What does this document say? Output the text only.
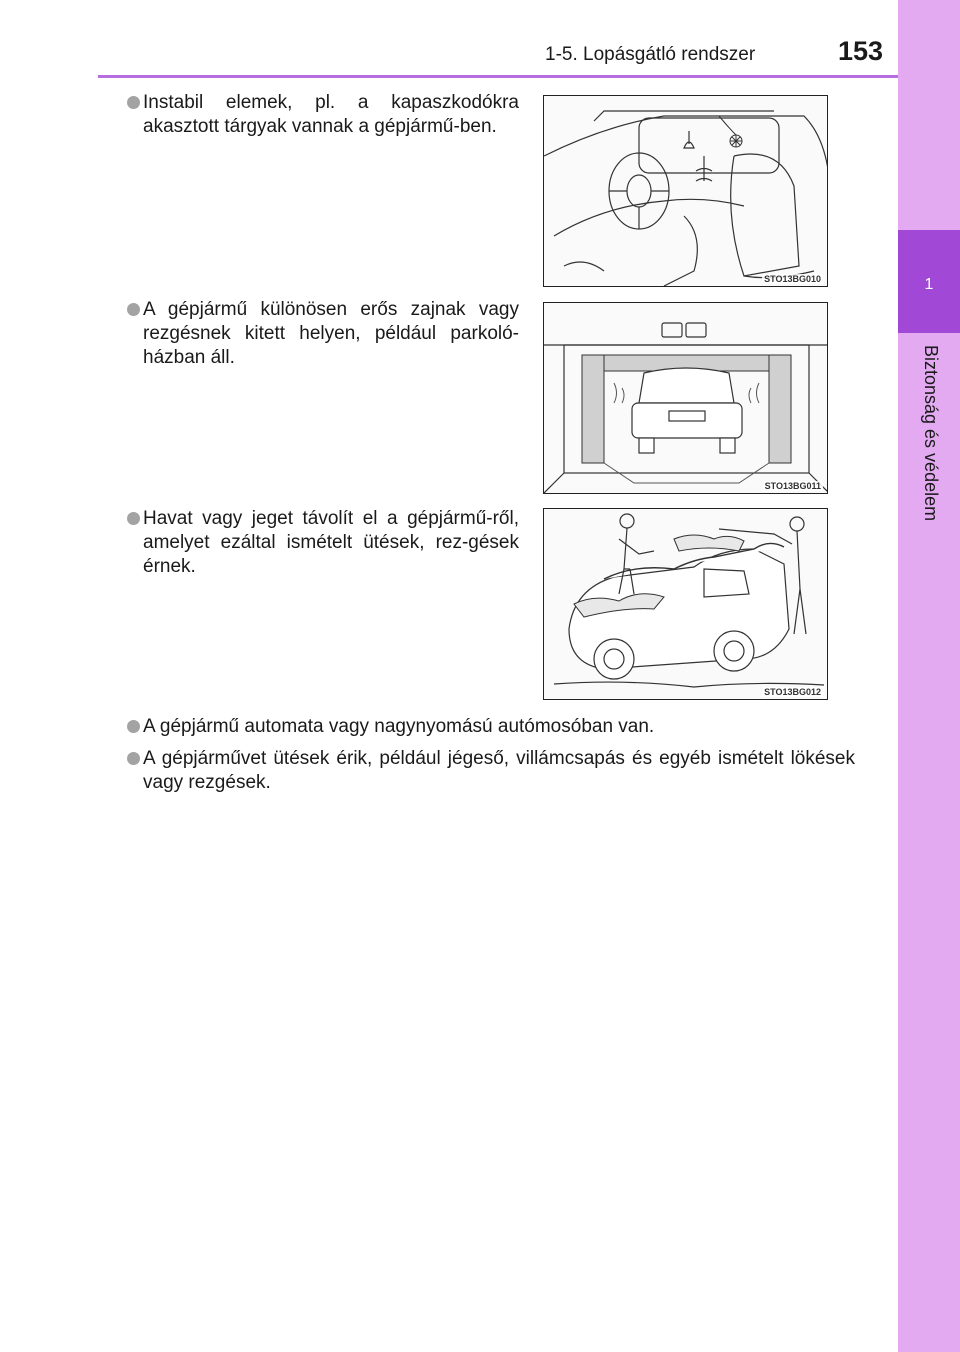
1-5. Lopásgátló rendszer	153
1
Biztonság és védelem
Instabil elemek, pl. a kapaszkodókra akasztott tárgyak vannak a gépjármű-ben.
A gépjármű különösen erős zajnak vagy rezgésnek kitett helyen, például parkoló-házban áll.
Havat vagy jeget távolít el a gépjármű-ről, amelyet ezáltal ismételt ütések, rez-gések érnek.
A gépjármű automata vagy nagynyomású autómosóban van.
A gépjárművet ütések érik, például jégeső, villámcsapás és egyéb ismételt lökések vagy rezgések.
STO13BG010
STO13BG011
STO13BG012
